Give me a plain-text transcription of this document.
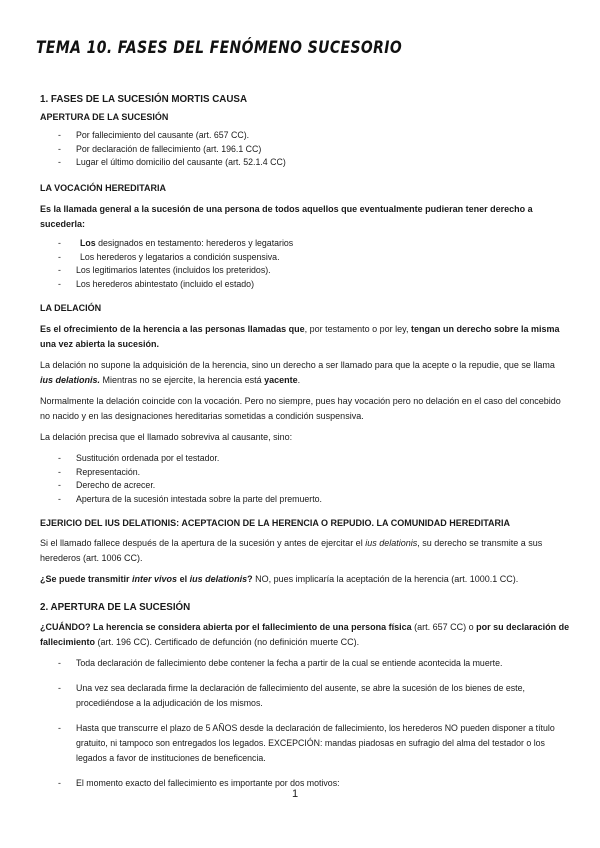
TEMA 10. FASES DEL FENÓMENO SUCESORIO
1. FASES DE LA SUCESIÓN MORTIS CAUSA
APERTURA DE LA SUCESIÓN
- Por fallecimiento del causante (art. 657 CC).
- Por declaración de fallecimiento (art. 196.1 CC)
- Lugar el último domicilio del causante (art. 52.1.4 CC)
LA VOCACIÓN HEREDITARIA
Es la llamada general a la sucesión de una persona de todos aquellos que eventualmente pudieran tener derecho a sucederla:
- Los designados en testamento: herederos y legatarios
- Los herederos y legatarios a condición suspensiva.
- Los legitimarios latentes (incluidos los preteridos).
- Los herederos abintestato (incluido el estado)
LA DELACIÓN
Es el ofrecimiento de la herencia a las personas llamadas que, por testamento o por ley, tengan un derecho sobre la misma una vez abierta la sucesión.
La delación no supone la adquisición de la herencia, sino un derecho a ser llamado para que la acepte o la repudie, que se llama ius delationis. Mientras no se ejercite, la herencia está yacente.
Normalmente la delación coincide con la vocación. Pero no siempre, pues hay vocación pero no delación en el caso del concebido no nacido y en las designaciones hereditarias sometidas a condición suspensiva.
La delación precisa que el llamado sobreviva al causante, sino:
- Sustitución ordenada por el testador.
- Representación.
- Derecho de acrecer.
- Apertura de la sucesión intestada sobre la parte del premuerto.
EJERICIO DEL IUS DELATIONIS: ACEPTACION DE LA HERENCIA O REPUDIO. LA COMUNIDAD HEREDITARIA
Si el llamado fallece después de la apertura de la sucesión y antes de ejercitar el ius delationis, su derecho se transmite a sus herederos (art. 1006 CC).
¿Se puede transmitir inter vivos el ius delationis? NO, pues implicaría la aceptación de la herencia (art. 1000.1 CC).
2. APERTURA DE LA SUCESIÓN
¿CUÁNDO? La herencia se considera abierta por el fallecimiento de una persona física (art. 657 CC) o por su declaración de fallecimiento (art. 196 CC). Certificado de defunción (no definición muerte CC).
- Toda declaración de fallecimiento debe contener la fecha a partir de la cual se entiende acontecida la muerte.
- Una vez sea declarada firme la declaración de fallecimiento del ausente, se abre la sucesión de los bienes de este, procediéndose a la adjudicación de los mismos.
- Hasta que transcurre el plazo de 5 AÑOS desde la declaración de fallecimiento, los herederos NO pueden disponer a título gratuito, ni tampoco son entregados los legados. EXCEPCIÓN: mandas piadosas en sufragio del alma del testador o los legados a favor de instituciones de beneficencia.
- El momento exacto del fallecimiento es importante por dos motivos:
1
